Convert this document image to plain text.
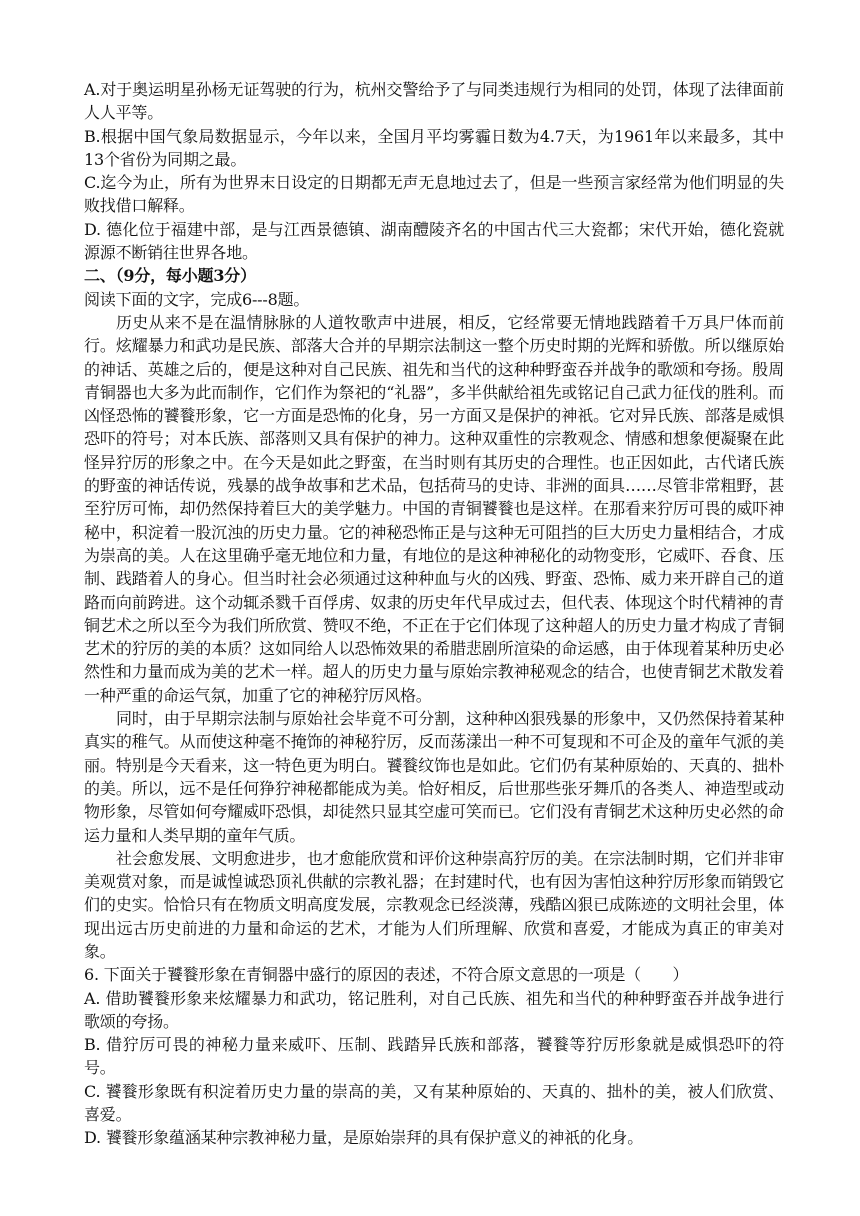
A.对于奥运明星孙杨无证驾驶的行为，杭州交警给予了与同类违规行为相同的处罚，体现了法律面前人人平等。

B.根据中国气象局数据显示，今年以来，全国月平均雾霾日数为4.7天，为1961年以来最多，其中13个省份为同期之最。

C.迄今为止，所有为世界末日设定的日期都无声无息地过去了，但是一些预言家经常为他们明显的失败找借口解释。

D. 德化位于福建中部，是与江西景德镇、湖南醴陵齐名的中国古代三大瓷都；宋代开始，德化瓷就源源不断销往世界各地。

二、（9分，每小题3分）

阅读下面的文字，完成6---8题。

历史从来不是在温情脉脉的人道牧歌声中进展，相反，它经常要无情地践踏着千万具尸体而前行。炫耀暴力和武功是民族、部落大合并的早期宗法制这一整个历史时期的光辉和骄傲。所以继原始的神话、英雄之后的，便是这种对自己民族、祖先和当代的这种种野蛮吞并战争的歌颂和夸扬。殷周青铜器也大多为此而制作，它们作为祭祀的“礼器”，多半供献给祖先或铭记自己武力征伐的胜利。而凶怪恐怖的饕餮形象，它一方面是恐怖的化身，另一方面又是保护的神祇。它对异氏族、部落是威惧恐吓的符号；对本氏族、部落则又具有保护的神力。这种双重性的宗教观念、情感和想象便凝聚在此怪异狞厉的形象之中。在今天是如此之野蛮，在当时则有其历史的合理性。也正因如此，古代诸氏族的野蛮的神话传说，残暴的战争故事和艺术品，包括荷马的史诗、非洲的面具……尽管非常粗野，甚至狞厉可怖，却仍然保持着巨大的美学魅力。中国的青铜饕餮也是这样。在那看来狞厉可畏的威吓神秘中，积淀着一股沉浊的历史力量。它的神秘恐怖正是与这种无可阻挡的巨大历史力量相结合，才成为崇高的美。人在这里确乎毫无地位和力量，有地位的是这种神秘化的动物变形，它威吓、吞食、压制、践踏着人的身心。但当时社会必须通过这种种血与火的凶残、野蛮、恐怖、威力来开辟自己的道路而向前跨进。这个动辄杀戮千百俘虏、奴隶的历史年代早成过去，但代表、体现这个时代精神的青铜艺术之所以至今为我们所欣赏、赞叹不绝，不正在于它们体现了这种超人的历史力量才构成了青铜艺术的狞厉的美的本质？这如同给人以恐怖效果的希腊悲剧所渲染的命运感，由于体现着某种历史必然性和力量而成为美的艺术一样。超人的历史力量与原始宗教神秘观念的结合，也使青铜艺术散发着一种严重的命运气氛，加重了它的神秘狞厉风格。

同时，由于早期宗法制与原始社会毕竟不可分割，这种种凶狠残暴的形象中，又仍然保持着某种真实的稚气。从而使这种毫不掩饰的神秘狞厉，反而荡漾出一种不可复现和不可企及的童年气派的美丽。特别是今天看来，这一特色更为明白。饕餮纹饰也是如此。它们仍有某种原始的、天真的、拙朴的美。所以，远不是任何狰狞神秘都能成为美。恰好相反，后世那些张牙舞爪的各类人、神造型或动物形象，尽管如何夸耀威吓恐惧，却徒然只显其空虚可笑而已。它们没有青铜艺术这种历史必然的命运力量和人类早期的童年气质。

社会愈发展、文明愈进步，也才愈能欣赏和评价这种崇高狞厉的美。在宗法制时期，它们并非审美观赏对象，而是诚惶诚恐顶礼供献的宗教礼器；在封建时代，也有因为害怕这种狞厉形象而销毁它们的史实。恰恰只有在物质文明高度发展，宗教观念已经淡薄，残酷凶狠已成陈迹的文明社会里，体现出远古历史前进的力量和命运的艺术，才能为人们所理解、欣赏和喜爱，才能成为真正的审美对象。

6. 下面关于饕餮形象在青铜器中盛行的原因的表述，不符合原文意思的一项是（　　）

A. 借助饕餮形象来炫耀暴力和武功，铭记胜利，对自己氏族、祖先和当代的种种野蛮吞并战争进行歌颂的夸扬。

B. 借狞厉可畏的神秘力量来威吓、压制、践踏异氏族和部落，饕餮等狞厉形象就是威惧恐吓的符号。

C. 饕餮形象既有积淀着历史力量的崇高的美，又有某种原始的、天真的、拙朴的美，被人们欣赏、喜爱。

D. 饕餮形象蕴涵某种宗教神秘力量，是原始崇拜的具有保护意义的神祇的化身。
